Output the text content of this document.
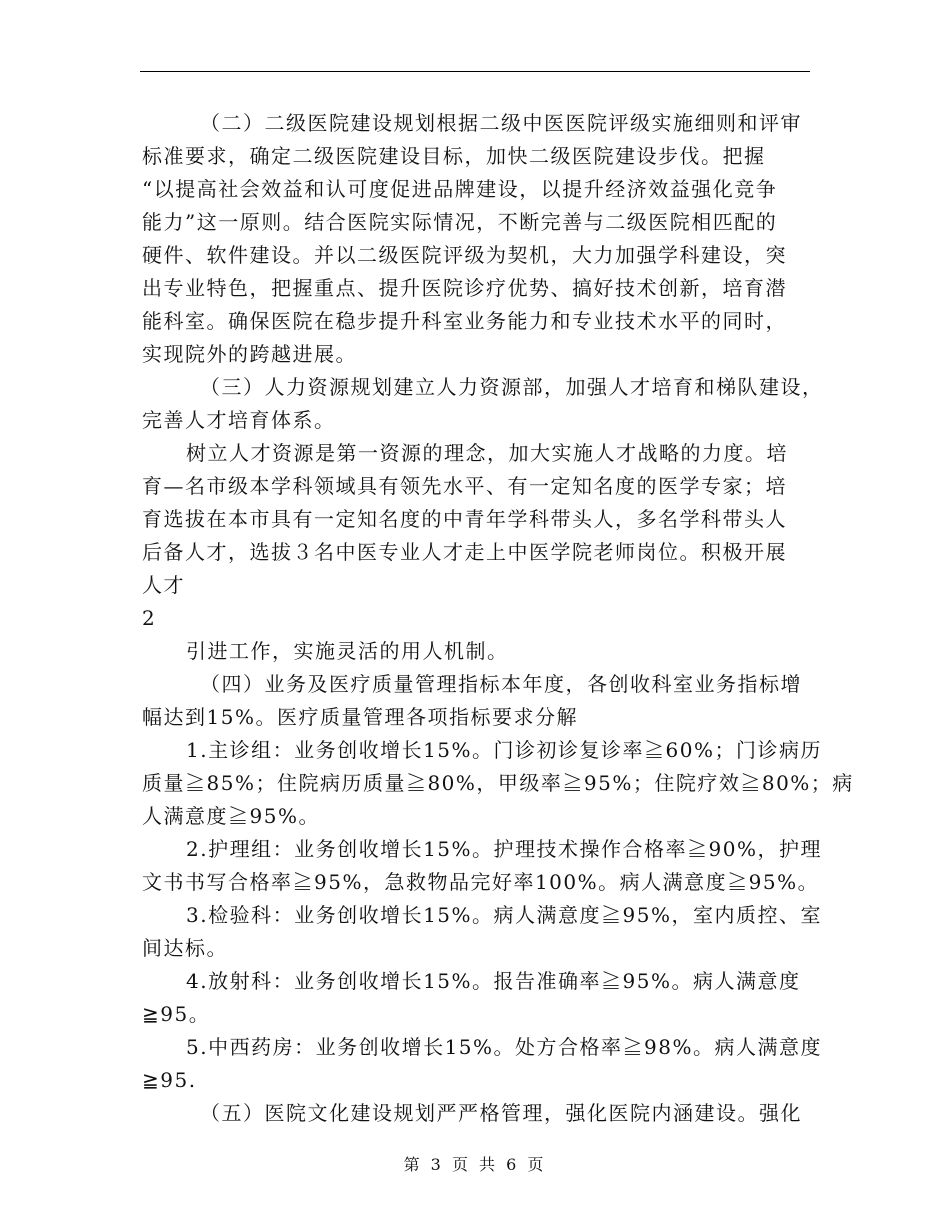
（二）二级医院建设规划根据二级中医医院评级实施细则和评审
标准要求，确定二级医院建设目标，加快二级医院建设步伐。把握
“以提高社会效益和认可度促进品牌建设，以提升经济效益强化竞争
能力”这一原则。结合医院实际情况，不断完善与二级医院相匹配的
硬件、软件建设。并以二级医院评级为契机，大力加强学科建设，突
出专业特色，把握重点、提升医院诊疗优势、搞好技术创新，培育潜
能科室。确保医院在稳步提升科室业务能力和专业技术水平的同时，
实现院外的跨越进展。
（三）人力资源规划建立人力资源部，加强人才培育和梯队建设，
完善人才培育体系。
树立人才资源是第一资源的理念，加大实施人才战略的力度。培
育—名市级本学科领域具有领先水平、有一定知名度的医学专家；培
育选拔在本市具有一定知名度的中青年学科带头人，多名学科带头人
后备人才，选拔３名中医专业人才走上中医学院老师岗位。积极开展
人才
2
引进工作，实施灵活的用人机制。
（四）业务及医疗质量管理指标本年度，各创收科室业务指标增
幅达到15%。医疗质量管理各项指标要求分解
1.主诊组：业务创收增长15%。门诊初诊复诊率≧60%；门诊病历
质量≧85%；住院病历质量≧80%，甲级率≧95%；住院疗效≧80%；病
人满意度≧95%。
2.护理组：业务创收增长15%。护理技术操作合格率≧90%，护理
文书书写合格率≧95%，急救物品完好率100%。病人满意度≧95%。
3.检验科：业务创收增长15%。病人满意度≧95%，室内质控、室
间达标。
4.放射科：业务创收增长15%。报告准确率≧95%。病人满意度
≧95。
5.中西药房：业务创收增长15%。处方合格率≧98%。病人满意度
≧95.
（五）医院文化建设规划严严格管理，强化医院内涵建设。强化
第 3 页 共 6 页
